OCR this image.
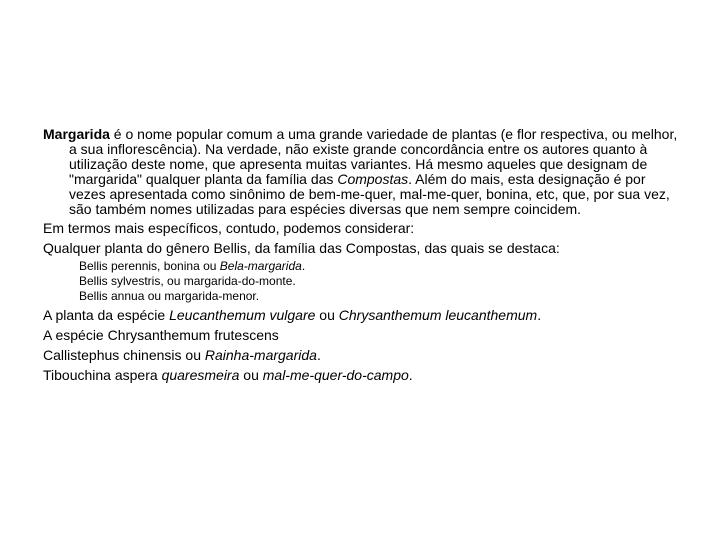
Margarida é o nome popular comum a uma grande variedade de plantas (e flor respectiva, ou melhor, a sua inflorescência). Na verdade, não existe grande concordância entre os autores quanto à utilização deste nome, que apresenta muitas variantes. Há mesmo aqueles que designam de "margarida" qualquer planta da família das Compostas. Além do mais, esta designação é por vezes apresentada como sinônimo de bem-me-quer, mal-me-quer, bonina, etc, que, por sua vez, são também nomes utilizadas para espécies diversas que nem sempre coincidem.

Em termos mais específicos, contudo, podemos considerar:

Qualquer planta do gênero Bellis, da família das Compostas, das quais se destaca:

Bellis perennis, bonina ou Bela-margarida.
Bellis sylvestris, ou margarida-do-monte.
Bellis annua ou margarida-menor.

A planta da espécie Leucanthemum vulgare ou Chrysanthemum leucanthemum.

A espécie Chrysanthemum frutescens

Callistephus chinensis ou Rainha-margarida.

Tibouchina aspera quaresmeira ou mal-me-quer-do-campo.
